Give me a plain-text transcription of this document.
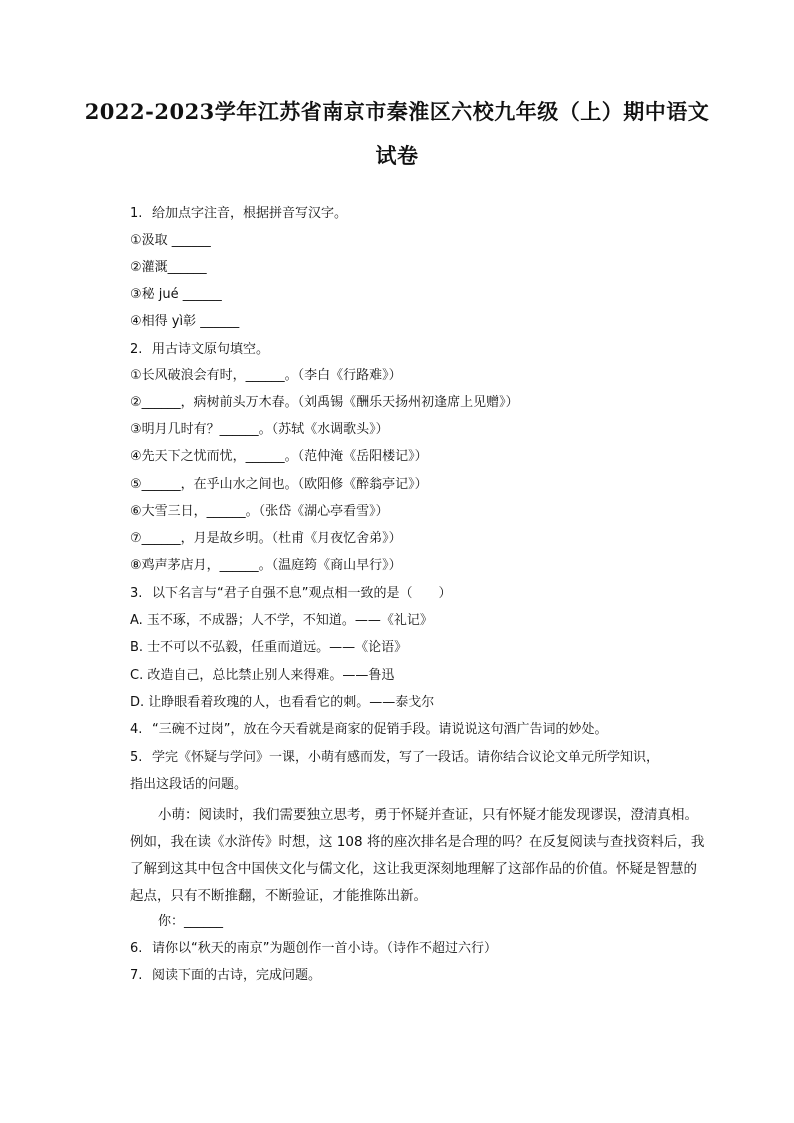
2022-2023学年江苏省南京市秦淮区六校九年级（上）期中语文
试卷
1. 给加点字注音，根据拼音写汉字。
①汲取 ______
②灌溉______
③秘 jué ______
④相得 yì彰 ______
2. 用古诗文原句填空。
①长风破浪会有时，______。（李白《行路难》）
②______，病树前头万木春。（刘禹锡《酬乐天扬州初逢席上见赠》）
③明月几时有？______。（苏轼《水调歌头》）
④先天下之忧而忧，______。（范仲淹《岳阳楼记》）
⑤______，在乎山水之间也。（欧阳修《醉翁亭记》）
⑥大雪三日，______。（张岱《湖心亭看雪》）
⑦______，月是故乡明。（杜甫《月夜忆舍弟》）
⑧鸡声茅店月，______。（温庭筠《商山早行》）
3. 以下名言与“君子自强不息”观点相一致的是（　　）
A. 玉不琢，不成器；人不学，不知道。——《礼记》
B. 士不可以不弘毅，任重而道远。——《论语》
C. 改造自己，总比禁止别人来得难。——鲁迅
D. 让睁眼看着玫瑰的人，也看看它的刺。——泰戈尔
4. “三碗不过岗”，放在今天看就是商家的促销手段。请说说这句酒广告词的妙处。
5. 学完《怀疑与学问》一课，小萌有感而发，写了一段话。请你结合议论文单元所学知识，
指出这段话的问题。
小萌：阅读时，我们需要独立思考，勇于怀疑并查证，只有怀疑才能发现谬误，澄清真相。例如，我在读《水浒传》时想，这 108 将的座次排名是合理的吗？在反复阅读与查找资料后，我了解到这其中包含中国侠文化与儒文化，这让我更深刻地理解了这部作品的价值。怀疑是智慧的起点，只有不断推翻，不断验证，才能推陈出新。
你：______
6. 请你以“秋天的南京”为题创作一首小诗。（诗作不超过六行）
7. 阅读下面的古诗，完成问题。
